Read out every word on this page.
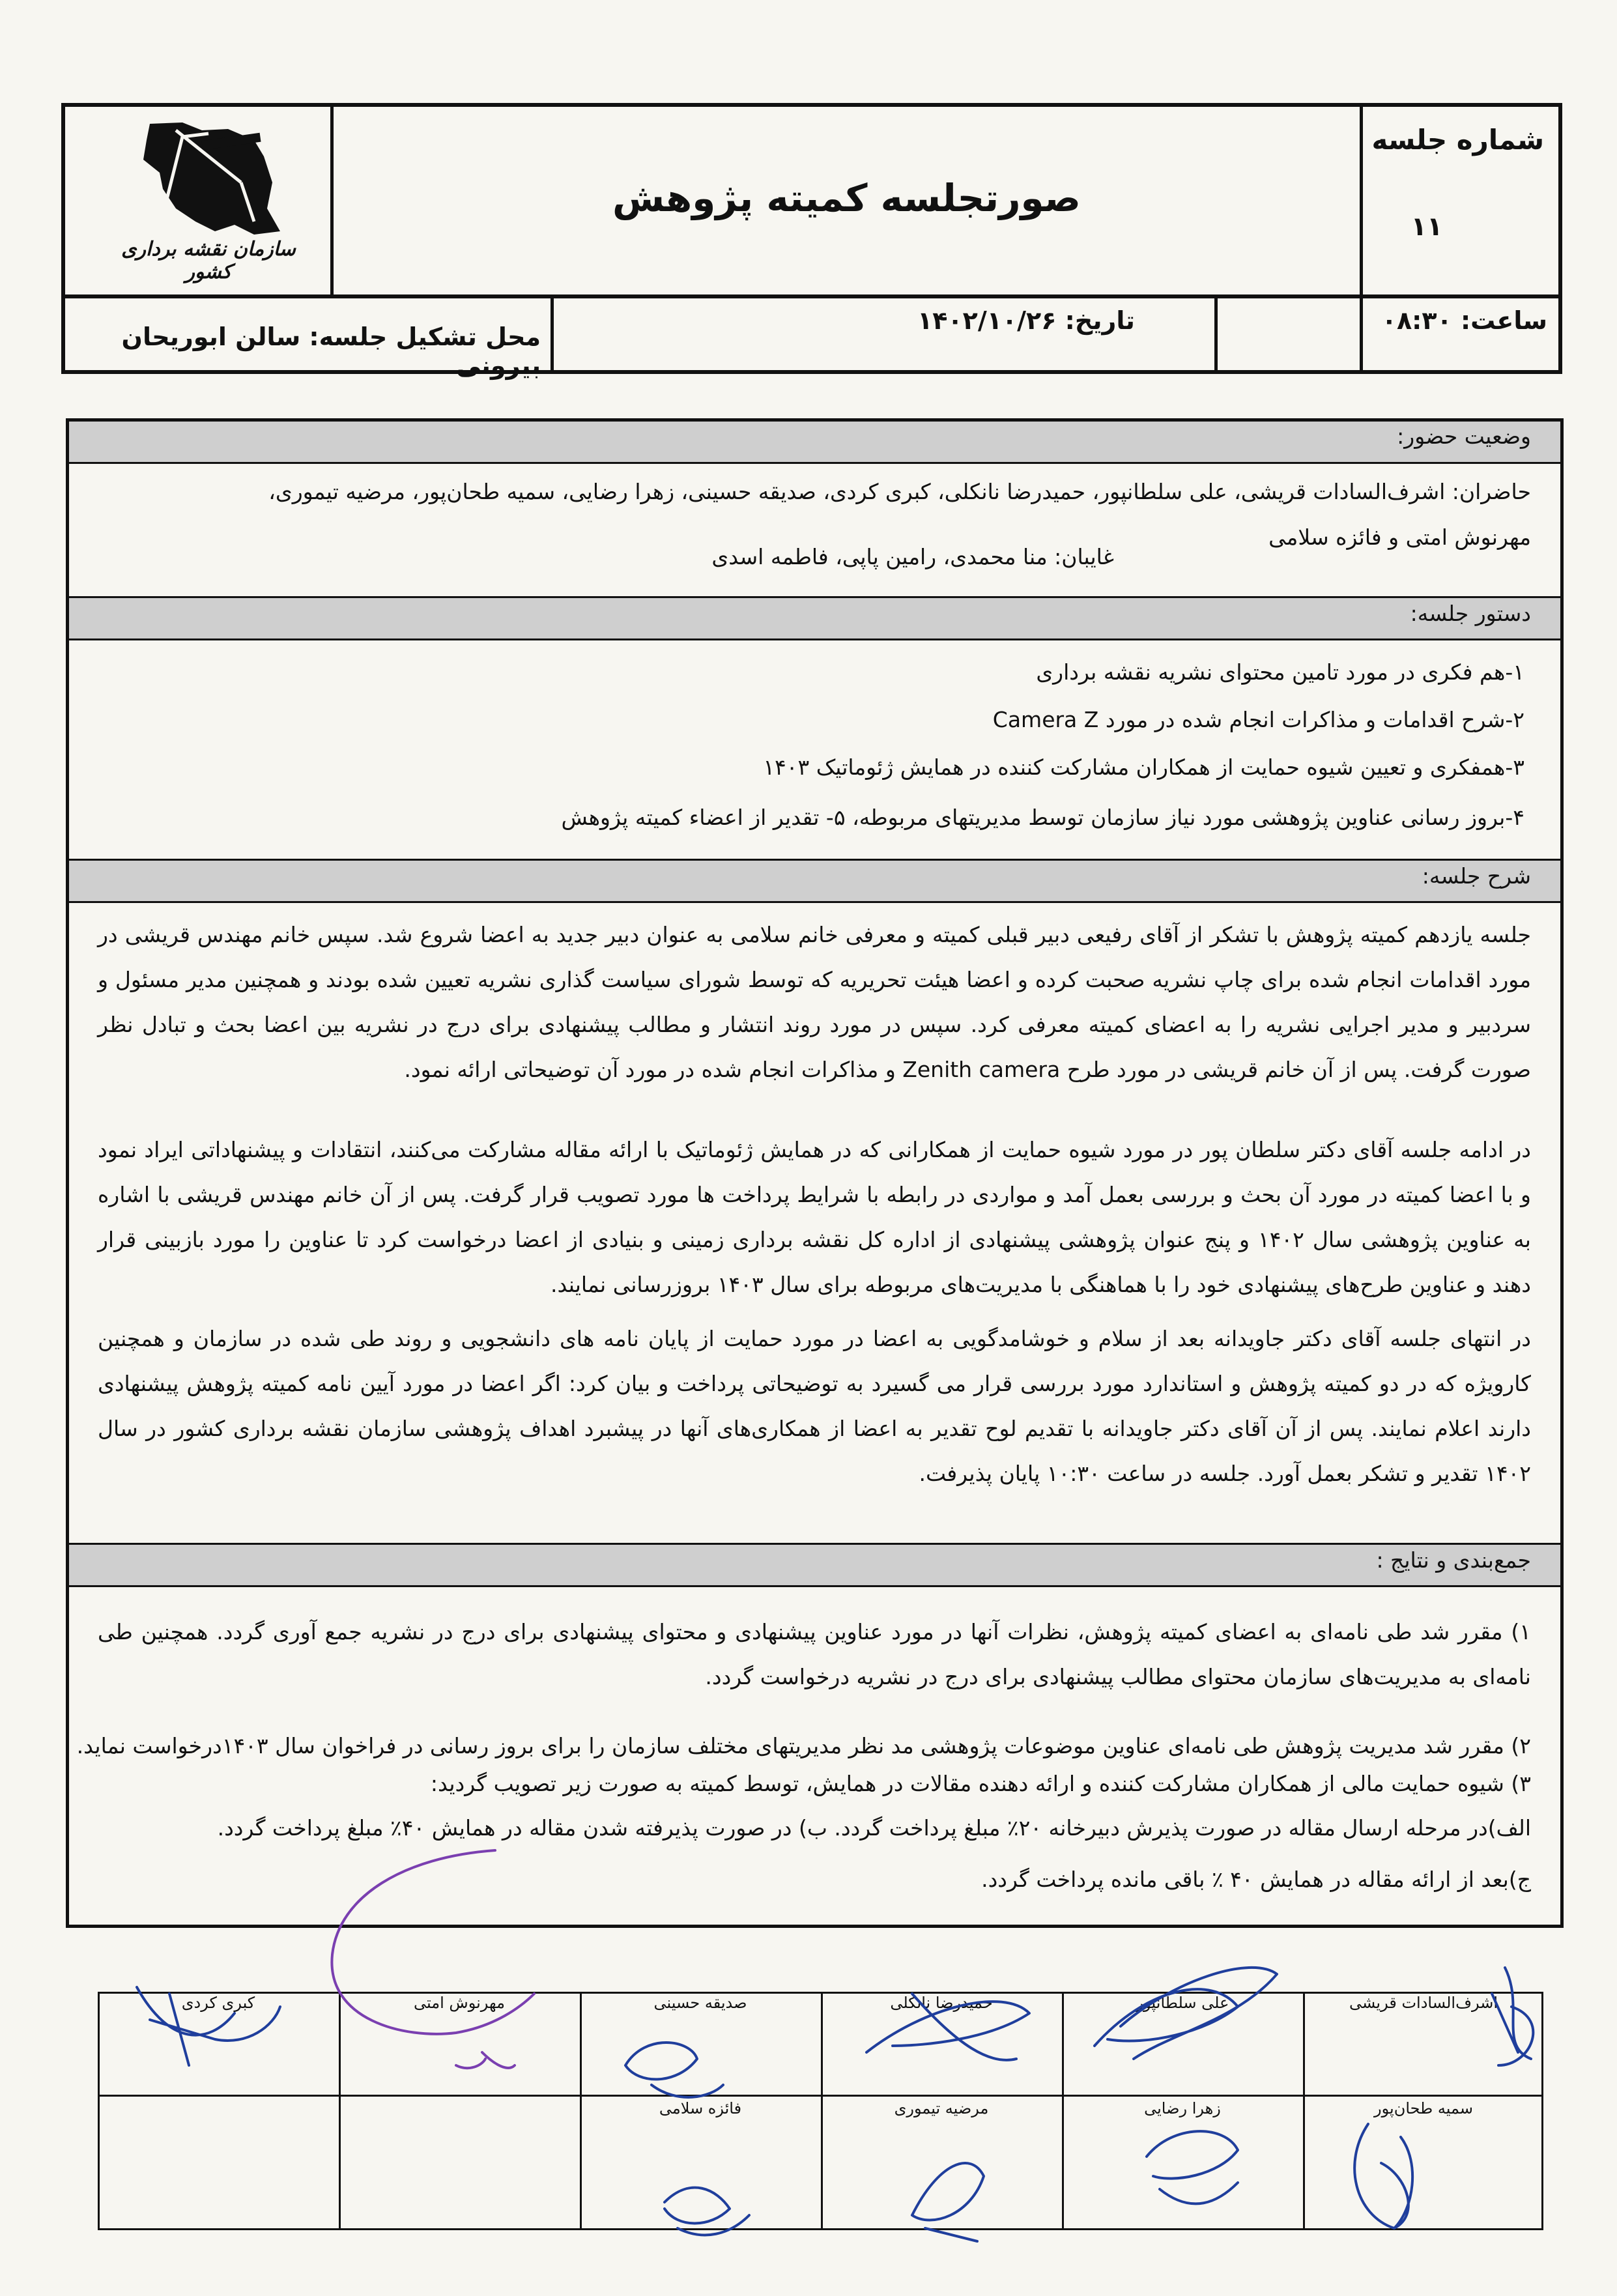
سازمان نقشه برداری کشور
صورتجلسه کمیته پژوهش
شماره جلسه
۱۱
ساعت: ۰۸:۳۰
تاریخ: ۱۴۰۲/۱۰/۲۶
محل تشکیل جلسه: سالن ابوریحان بیرونی
وضعیت حضور:
حاضران: اشرف‌السادات قریشی، علی سلطانپور، حمیدرضا نانکلی، کبری کردی، صدیقه حسینی، زهرا رضایی، سمیه طحان‌پور، مرضیه تیموری،
مهرنوش امتی و فائزه سلامی
غایبان: منا محمدی، رامین پاپی، فاطمه اسدی
دستور جلسه:
۱-هم فکری در مورد تامین محتوای نشریه نقشه برداری
۲-شرح اقدامات و مذاکرات انجام شده در مورد Camera Z
۳-همفکری و تعیین شیوه حمایت از همکاران مشارکت کننده در همایش ژئوماتیک ۱۴۰۳
۴-بروز رسانی عناوین پژوهشی مورد نیاز سازمان توسط مدیریتهای مربوطه، ۵- تقدیر از اعضاء کمیته پژوهش
شرح جلسه:
جلسه یازدهم کمیته پژوهش با تشکر از آقای رفیعی دبیر قبلی کمیته و معرفی خانم سلامی به عنوان دبیر جدید به اعضا شروع شد. سپس خانم مهندس قریشی در مورد اقدامات انجام شده برای چاپ نشریه صحبت کرده و اعضا هیئت تحریریه که توسط شورای سیاست گذاری نشریه تعیین شده بودند و همچنین مدیر مسئول و سردبیر و مدیر اجرایی نشریه را به اعضای کمیته معرفی کرد. سپس در مورد روند انتشار و مطالب پیشنهادی برای درج در نشریه بین اعضا بحث و تبادل نظر صورت گرفت. پس از آن خانم قریشی در مورد طرح Zenith camera و مذاکرات انجام شده در مورد آن توضیحاتی ارائه نمود.
در ادامه جلسه آقای دکتر سلطان پور در مورد شیوه حمایت از همکارانی که در همایش ژئوماتیک با ارائه مقاله مشارکت می‌کنند، انتقادات و پیشنهاداتی ایراد نمود و با اعضا کمیته در مورد آن بحث و بررسی بعمل آمد و مواردی در رابطه با شرایط پرداخت ها مورد تصویب قرار گرفت. پس از آن خانم مهندس قریشی با اشاره به عناوین پژوهشی سال ۱۴۰۲ و پنج عنوان پژوهشی پیشنهادی از اداره کل نقشه برداری زمینی و بنیادی از اعضا درخواست کرد تا عناوین را مورد بازبینی قرار دهند و عناوین طرح‌های پیشنهادی خود را با هماهنگی با مدیریت‌های مربوطه برای سال ۱۴۰۳ بروزرسانی نمایند.
در انتهای جلسه آقای دکتر جاویدانه بعد از سلام و خوشامدگویی به اعضا در مورد حمایت از پایان نامه های دانشجویی و روند طی شده در سازمان و همچنین کارویژه که در دو کمیته پژوهش و استاندارد مورد بررسی قرار می گسیرد به توضیحاتی پرداخت و بیان کرد: اگر اعضا در مورد آیین نامه کمیته پژوهش پیشنهادی دارند اعلام نمایند. پس از آن آقای دکتر جاویدانه با تقدیم لوح تقدیر به اعضا از همکاری‌های آنها در پیشبرد اهداف پژوهشی سازمان نقشه برداری کشور در سال ۱۴۰۲ تقدیر و تشکر بعمل آورد. جلسه در ساعت ۱۰:۳۰ پایان پذیرفت.
جمع‌بندی و نتایج :
۱) مقرر شد طی نامه‌ای به اعضای کمیته پژوهش، نظرات آنها در مورد عناوین پیشنهادی و محتوای پیشنهادی برای درج در نشریه جمع آوری گردد. همچنین طی نامه‌ای به مدیریت‌های سازمان محتوای مطالب پیشنهادی برای درج در نشریه درخواست گردد.
۲) مقرر شد مدیریت پژوهش طی نامه‌ای عناوین موضوعات پژوهشی مد نظر مدیریتهای مختلف سازمان را برای بروز رسانی در فراخوان سال ۱۴۰۳درخواست نماید.
۳) شیوه حمایت مالی از همکاران مشارکت کننده و ارائه دهنده مقالات در همایش، توسط کمیته به صورت زیر تصویب گردید:
الف)در مرحله ارسال مقاله در صورت پذیرش دبیرخانه ۲۰٪ مبلغ پرداخت گردد. ب) در صورت پذیرفته شدن مقاله در همایش ۴۰٪ مبلغ پرداخت گردد.
ج)بعد از ارائه مقاله در همایش ۴۰ ٪ باقی مانده پرداخت گردد.
اشرف‌السادات قریشی
علی سلطانپور
حمیدرضا نانکلی
صدیقه حسینی
مهرنوش امتی
کبری کردی
سمیه طحان‌پور
زهرا رضایی
مرضیه تیموری
فائزه سلامی
